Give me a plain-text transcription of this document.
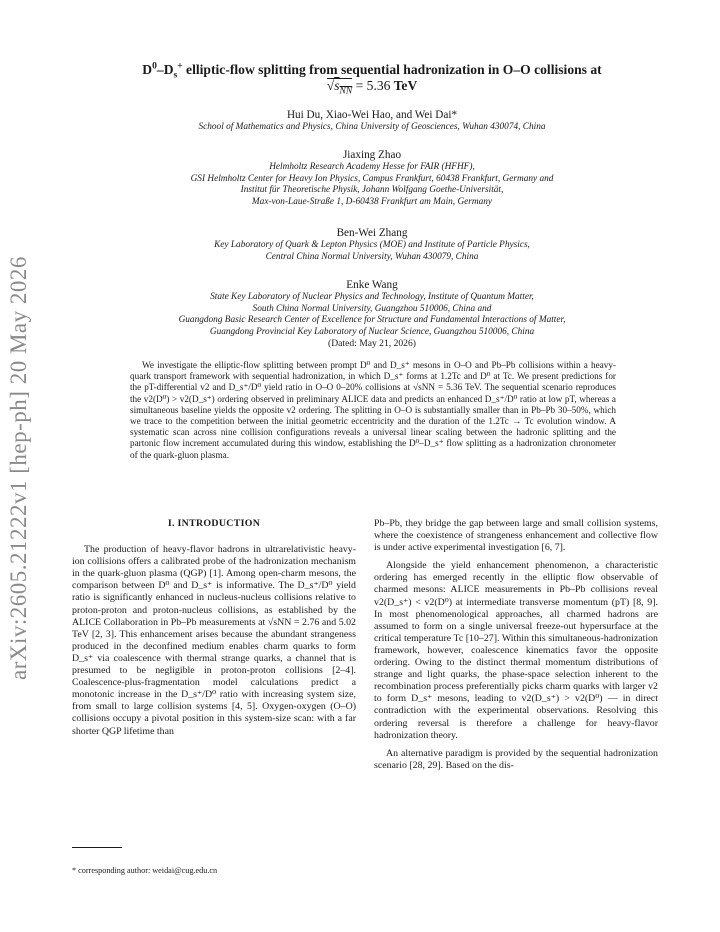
arXiv:2605.21222v1 [hep-ph] 20 May 2026
$D^0-D_s^+$ elliptic-flow splitting from sequential hadronization in O–O collisions at
$√s_{NN} = 5.36$ TeV
Hui Du, Xiao-Wei Hao, and Wei Dai*
School of Mathematics and Physics, China University of Geosciences, Wuhan 430074, China
Jiaxing Zhao
Helmholtz Research Academy Hesse for FAIR (HFHF),
GSI Helmholtz Center for Heavy Ion Physics, Campus Frankfurt, 60438 Frankfurt, Germany and
Institut für Theoretische Physik, Johann Wolfgang Goethe-Universität,
Max-von-Laue-Straße 1, D-60438 Frankfurt am Main, Germany
Ben-Wei Zhang
Key Laboratory of Quark & Lepton Physics (MOE) and Institute of Particle Physics,
Central China Normal University, Wuhan 430079, China
Enke Wang
State Key Laboratory of Nuclear Physics and Technology, Institute of Quantum Matter,
South China Normal University, Guangzhou 510006, China and
Guangdong Basic Research Center of Excellence for Structure and Fundamental Interactions of Matter,
Guangdong Provincial Key Laboratory of Nuclear Science, Guangzhou 510006, China
(Dated: May 21, 2026)

We investigate the elliptic-flow splitting between prompt D⁰ and D_s⁺ mesons in O–O and Pb–Pb collisions within a heavy-quark transport framework with sequential hadronization, in which D_s⁺ forms at 1.2Tc and D⁰ at Tc. We present predictions for the pT-differential v2 and D_s⁺/D⁰ yield ratio in O–O 0–20% collisions at √sNN = 5.36 TeV. The sequential scenario reproduces the v2(D⁰) > v2(D_s⁺) ordering observed in preliminary ALICE data and predicts an enhanced D_s⁺/D⁰ ratio at low pT, whereas a simultaneous baseline yields the opposite v2 ordering. The splitting in O–O is substantially smaller than in Pb–Pb 30–50%, which we trace to the competition between the initial geometric eccentricity and the duration of the 1.2Tc → Tc evolution window. A systematic scan across nine collision configurations reveals a universal linear scaling between the hadronic splitting and the partonic flow increment accumulated during this window, establishing the D⁰–D_s⁺ flow splitting as a hadronization chronometer of the quark-gluon plasma.

I. INTRODUCTION

The production of heavy-flavor hadrons in ultrarelativistic heavy-ion collisions offers a calibrated probe of the hadronization mechanism in the quark-gluon plasma (QGP) [1]. Among open-charm mesons, the comparison between D⁰ and D_s⁺ is informative. The D_s⁺/D⁰ yield ratio is significantly enhanced in nucleus-nucleus collisions relative to proton-proton and proton-nucleus collisions, as established by the ALICE Collaboration in Pb–Pb measurements at √sNN = 2.76 and 5.02 TeV [2, 3]. This enhancement arises because the abundant strangeness produced in the deconfined medium enables charm quarks to form D_s⁺ via coalescence with thermal strange quarks, a channel that is presumed to be negligible in proton-proton collisions [2–4]. Coalescence-plus-fragmentation model calculations predict a monotonic increase in the D_s⁺/D⁰ ratio with increasing system size, from small to large collision systems [4, 5]. Oxygen-oxygen (O–O) collisions occupy a pivotal position in this system-size scan: with a far shorter QGP lifetime than

Pb–Pb, they bridge the gap between large and small collision systems, where the coexistence of strangeness enhancement and collective flow is under active experimental investigation [6, 7].

Alongside the yield enhancement phenomenon, a characteristic ordering has emerged recently in the elliptic flow observable of charmed mesons: ALICE measurements in Pb–Pb collisions reveal v2(D_s⁺) < v2(D⁰) at intermediate transverse momentum (pT) [8, 9]. In most phenomenological approaches, all charmed hadrons are assumed to form on a single universal freeze-out hypersurface at the critical temperature Tc [10–27]. Within this simultaneous-hadronization framework, however, coalescence kinematics favor the opposite ordering. Owing to the distinct thermal momentum distributions of strange and light quarks, the phase-space selection inherent to the recombination process preferentially picks charm quarks with larger v2 to form D_s⁺ mesons, leading to v2(D_s⁺) > v2(D⁰) — in direct contradiction with the experimental observations. Resolving this ordering reversal is therefore a challenge for heavy-flavor hadronization theory.

An alternative paradigm is provided by the sequential hadronization scenario [28, 29]. Based on the dis-

* corresponding author: weidai@cug.edu.cn
